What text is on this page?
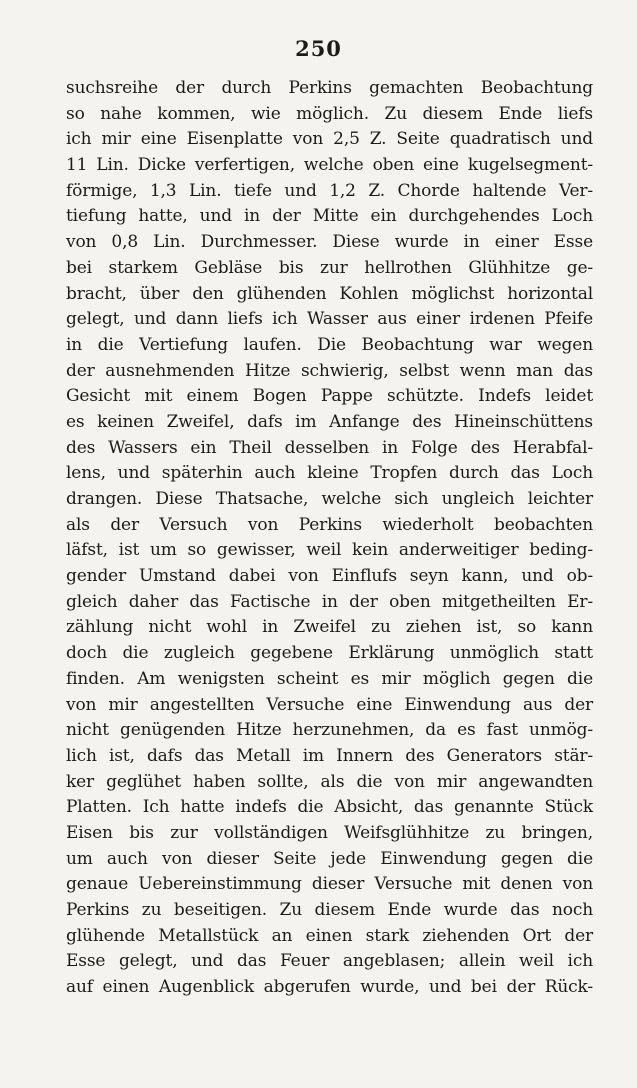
250
suchsreihe der durch Perkins gemachten Beobachtung
so nahe kommen, wie möglich. Zu diesem Ende liefs
ich mir eine Eisenplatte von 2,5 Z. Seite quadratisch und
11 Lin. Dicke verfertigen, welche oben eine kugelsegment-
förmige, 1,3 Lin. tiefe und 1,2 Z. Chorde haltende Ver-
tiefung hatte, und in der Mitte ein durchgehendes Loch
von 0,8 Lin. Durchmesser. Diese wurde in einer Esse
bei starkem Gebläse bis zur hellrothen Glühhitze ge-
bracht, über den glühenden Kohlen möglichst horizontal
gelegt, und dann liefs ich Wasser aus einer irdenen Pfeife
in die Vertiefung laufen. Die Beobachtung war wegen
der ausnehmenden Hitze schwierig, selbst wenn man das
Gesicht mit einem Bogen Pappe schützte. Indefs leidet
es keinen Zweifel, dafs im Anfange des Hineinschüttens
des Wassers ein Theil desselben in Folge des Herabfal-
lens, und späterhin auch kleine Tropfen durch das Loch
drangen. Diese Thatsache, welche sich ungleich leichter
als der Versuch von Perkins wiederholt beobachten
läfst, ist um so gewisser, weil kein anderweitiger beding-
gender Umstand dabei von Einflufs seyn kann, und ob-
gleich daher das Factische in der oben mitgetheilten Er-
zählung nicht wohl in Zweifel zu ziehen ist, so kann
doch die zugleich gegebene Erklärung unmöglich statt
finden. Am wenigsten scheint es mir möglich gegen die
von mir angestellten Versuche eine Einwendung aus der
nicht genügenden Hitze herzunehmen, da es fast unmög-
lich ist, dafs das Metall im Innern des Generators stär-
ker geglühet haben sollte, als die von mir angewandten
Platten. Ich hatte indefs die Absicht, das genannte Stück
Eisen bis zur vollständigen Weifsglühhitze zu bringen,
um auch von dieser Seite jede Einwendung gegen die
genaue Uebereinstimmung dieser Versuche mit denen von
Perkins zu beseitigen. Zu diesem Ende wurde das noch
glühende Metallstück an einen stark ziehenden Ort der
Esse gelegt, und das Feuer angeblasen; allein weil ich
auf einen Augenblick abgerufen wurde, und bei der Rück-
